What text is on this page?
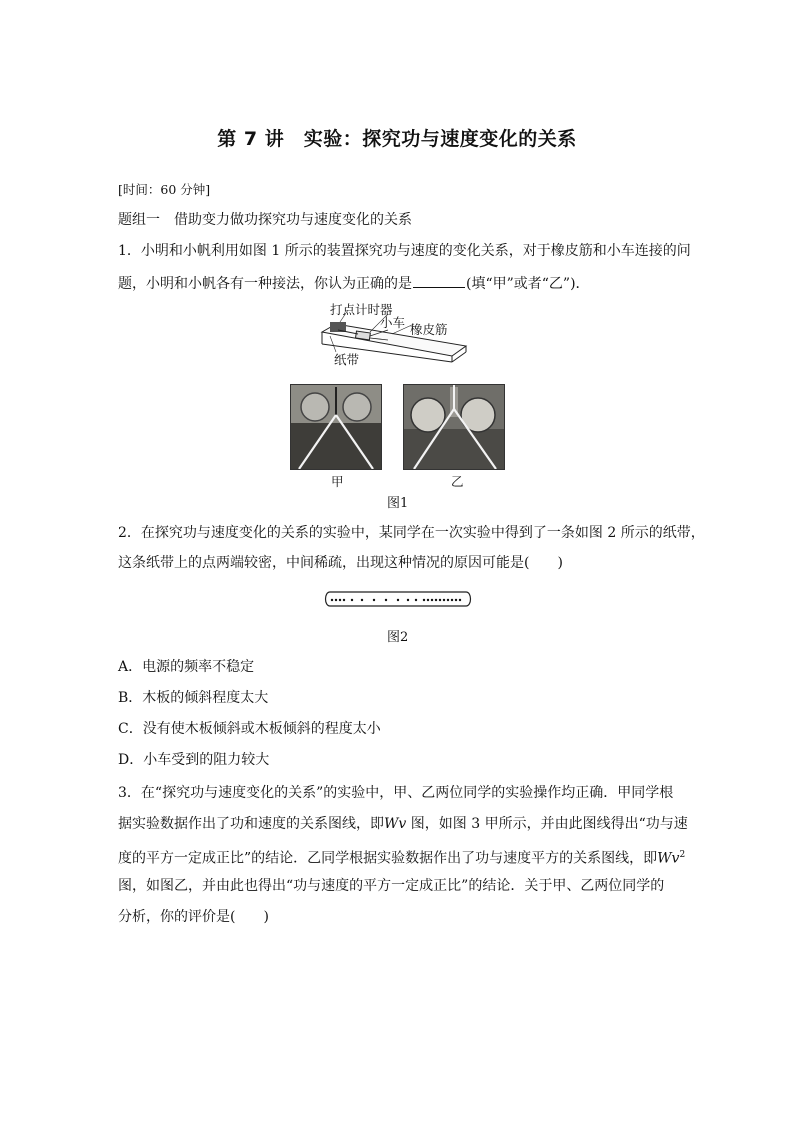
第 7 讲　实验：探究功与速度变化的关系
[时间：60 分钟]
题组一　借助变力做功探究功与速度变化的关系
1．小明和小帆利用如图 1 所示的装置探究功与速度的变化关系，对于橡皮筋和小车连接的问
题，小明和小帆各有一种接法，你认为正确的是	(填“甲”或者“乙”)．
打点计时器
小车 橡皮筋
纸带
甲	乙
图1
2．在探究功与速度变化的关系的实验中，某同学在一次实验中得到了一条如图 2 所示的纸带，
这条纸带上的点两端较密，中间稀疏，出现这种情况的原因可能是(　　)
图2
A．电源的频率不稳定
B．木板的倾斜程度太大
C．没有使木板倾斜或木板倾斜的程度太小
D．小车受到的阻力较大
3．在“探究功与速度变化的关系”的实验中，甲、乙两位同学的实验操作均正确．甲同学根
据实验数据作出了功和速度的关系图线，即Wv 图，如图 3 甲所示，并由此图线得出“功与速
度的平方一定成正比”的结论．乙同学根据实验数据作出了功与速度平方的关系图线，即Wv$^2$
图，如图乙，并由此也得出“功与速度的平方一定成正比”的结论．关于甲、乙两位同学的
分析，你的评价是(　　)
